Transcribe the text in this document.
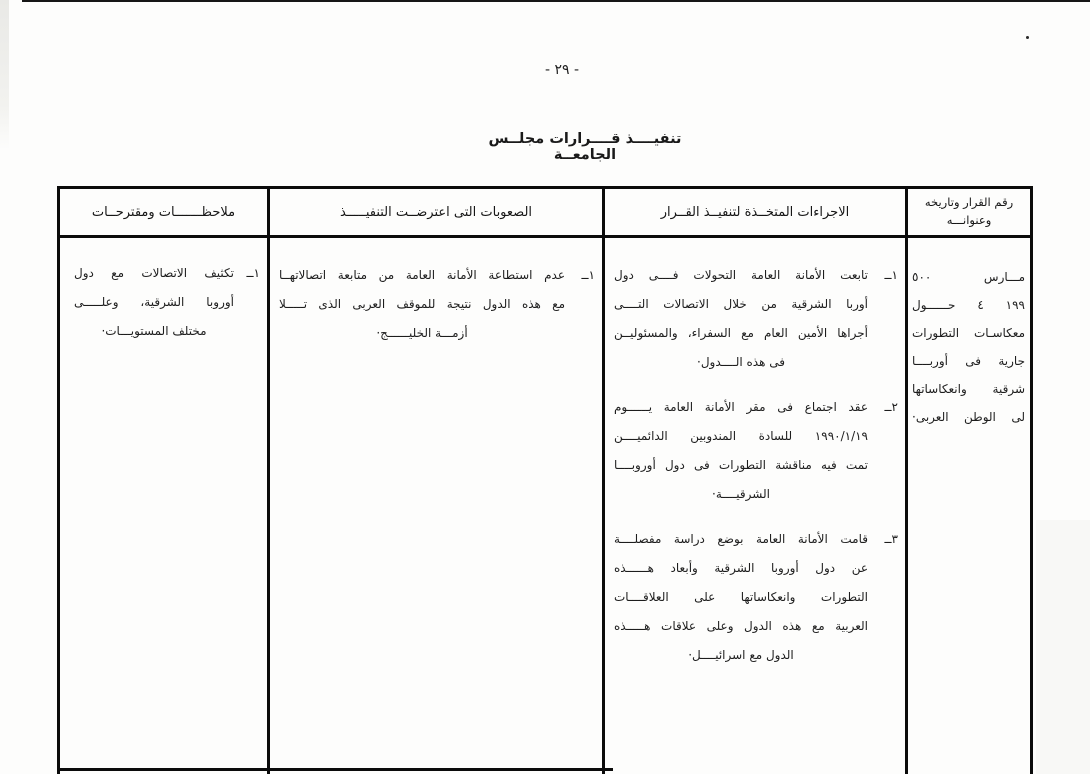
- ٢٩ -
تنفيــــذ قــــرارات مجلــس الجامعــة
رقم القرار وتاريخه
وعنوانـــه
الاجراءات المتخــذة لتنفيــذ القــرار
الصعوبات التى اعترضــت التنفيـــــذ
ملاحظـــــــات ومقترحــات
مـــارس ٥٠٠
١٩٩ ٤ حــــــول
معكاسـات التطورات
جارية فى أوربــــا
شرقية وانعكاساتها
لى الوطن العربى·
١ــ
تابعت الأمانة العامة التحولات فــــى دول
أوربا الشرقية من خلال الاتصالات التــــى
أجراها الأمين العام مع السفراء، والمسئوليــن
فى هذه الــــدول·
٢ــ
عقد اجتماع فى مقر الأمانة العامة يــــــوم
١٩٩٠/١/١٩ للسادة المندوبين الدائميــــن
تمت فيه مناقشة التطورات فى دول أوروبــــا
الشرقيــــة·
٣ــ
قامت الأمانة العامة بوضع دراسة مفصلــــة
عن دول أوروبا الشرقية وأبعاد هــــــذه
التطورات وانعكاساتها على العلاقــــات
العربية مع هذه الدول وعلى علاقات هـــــذه
الدول مع اسرائيــــل·
١ــ
عدم استطاعة الأمانة العامة من متابعة اتصالاتهــا
مع هذه الدول نتيجة للموقف العربى الذى تـــــلا
أزمـــة الخليــــــج·
١ــ
تكثيف الاتصالات مع دول
أوروبا الشرقية، وعلـــــى
مختلف المستويـــات·
